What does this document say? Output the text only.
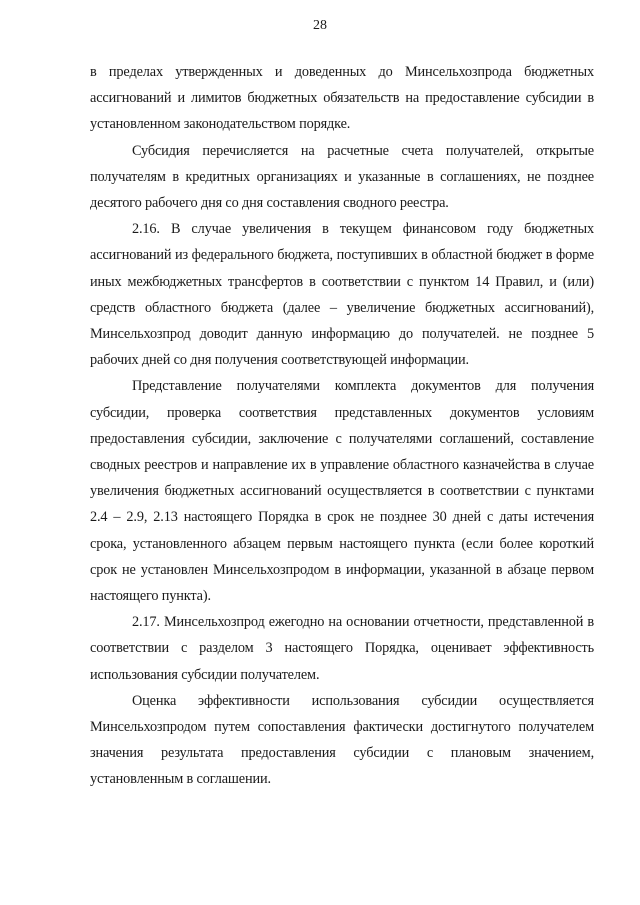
28

в пределах утвержденных и доведенных до Минсельхозпрода бюджетных ассигнований и лимитов бюджетных обязательств на предоставление субсидии в установленном законодательством порядке.

Субсидия перечисляется на расчетные счета получателей, открытые получателям в кредитных организациях и указанные в соглашениях, не позднее десятого рабочего дня со дня составления сводного реестра.

2.16. В случае увеличения в текущем финансовом году бюджетных ассигнований из федерального бюджета, поступивших в областной бюджет в форме иных межбюджетных трансфертов в соответствии с пунктом 14 Правил, и (или) средств областного бюджета (далее – увеличение бюджетных ассигнований), Минсельхозпрод доводит данную информацию до получателей. не позднее 5 рабочих дней со дня получения соответствующей информации.

Представление получателями комплекта документов для получения субсидии, проверка соответствия представленных документов условиям предоставления субсидии, заключение с получателями соглашений, составление сводных реестров и направление их в управление областного казначейства в случае увеличения бюджетных ассигнований осуществляется в соответствии с пунктами 2.4 – 2.9, 2.13 настоящего Порядка в срок не позднее 30 дней с даты истечения срока, установленного абзацем первым настоящего пункта (если более короткий срок не установлен Минсельхозпродом в информации, указанной в абзаце первом настоящего пункта).

2.17. Минсельхозпрод ежегодно на основании отчетности, представленной в соответствии с разделом 3 настоящего Порядка, оценивает эффективность использования субсидии получателем.

Оценка эффективности использования субсидии осуществляется Минсельхозпродом путем сопоставления фактически достигнутого получателем значения результата предоставления субсидии с плановым значением, установленным в соглашении.
